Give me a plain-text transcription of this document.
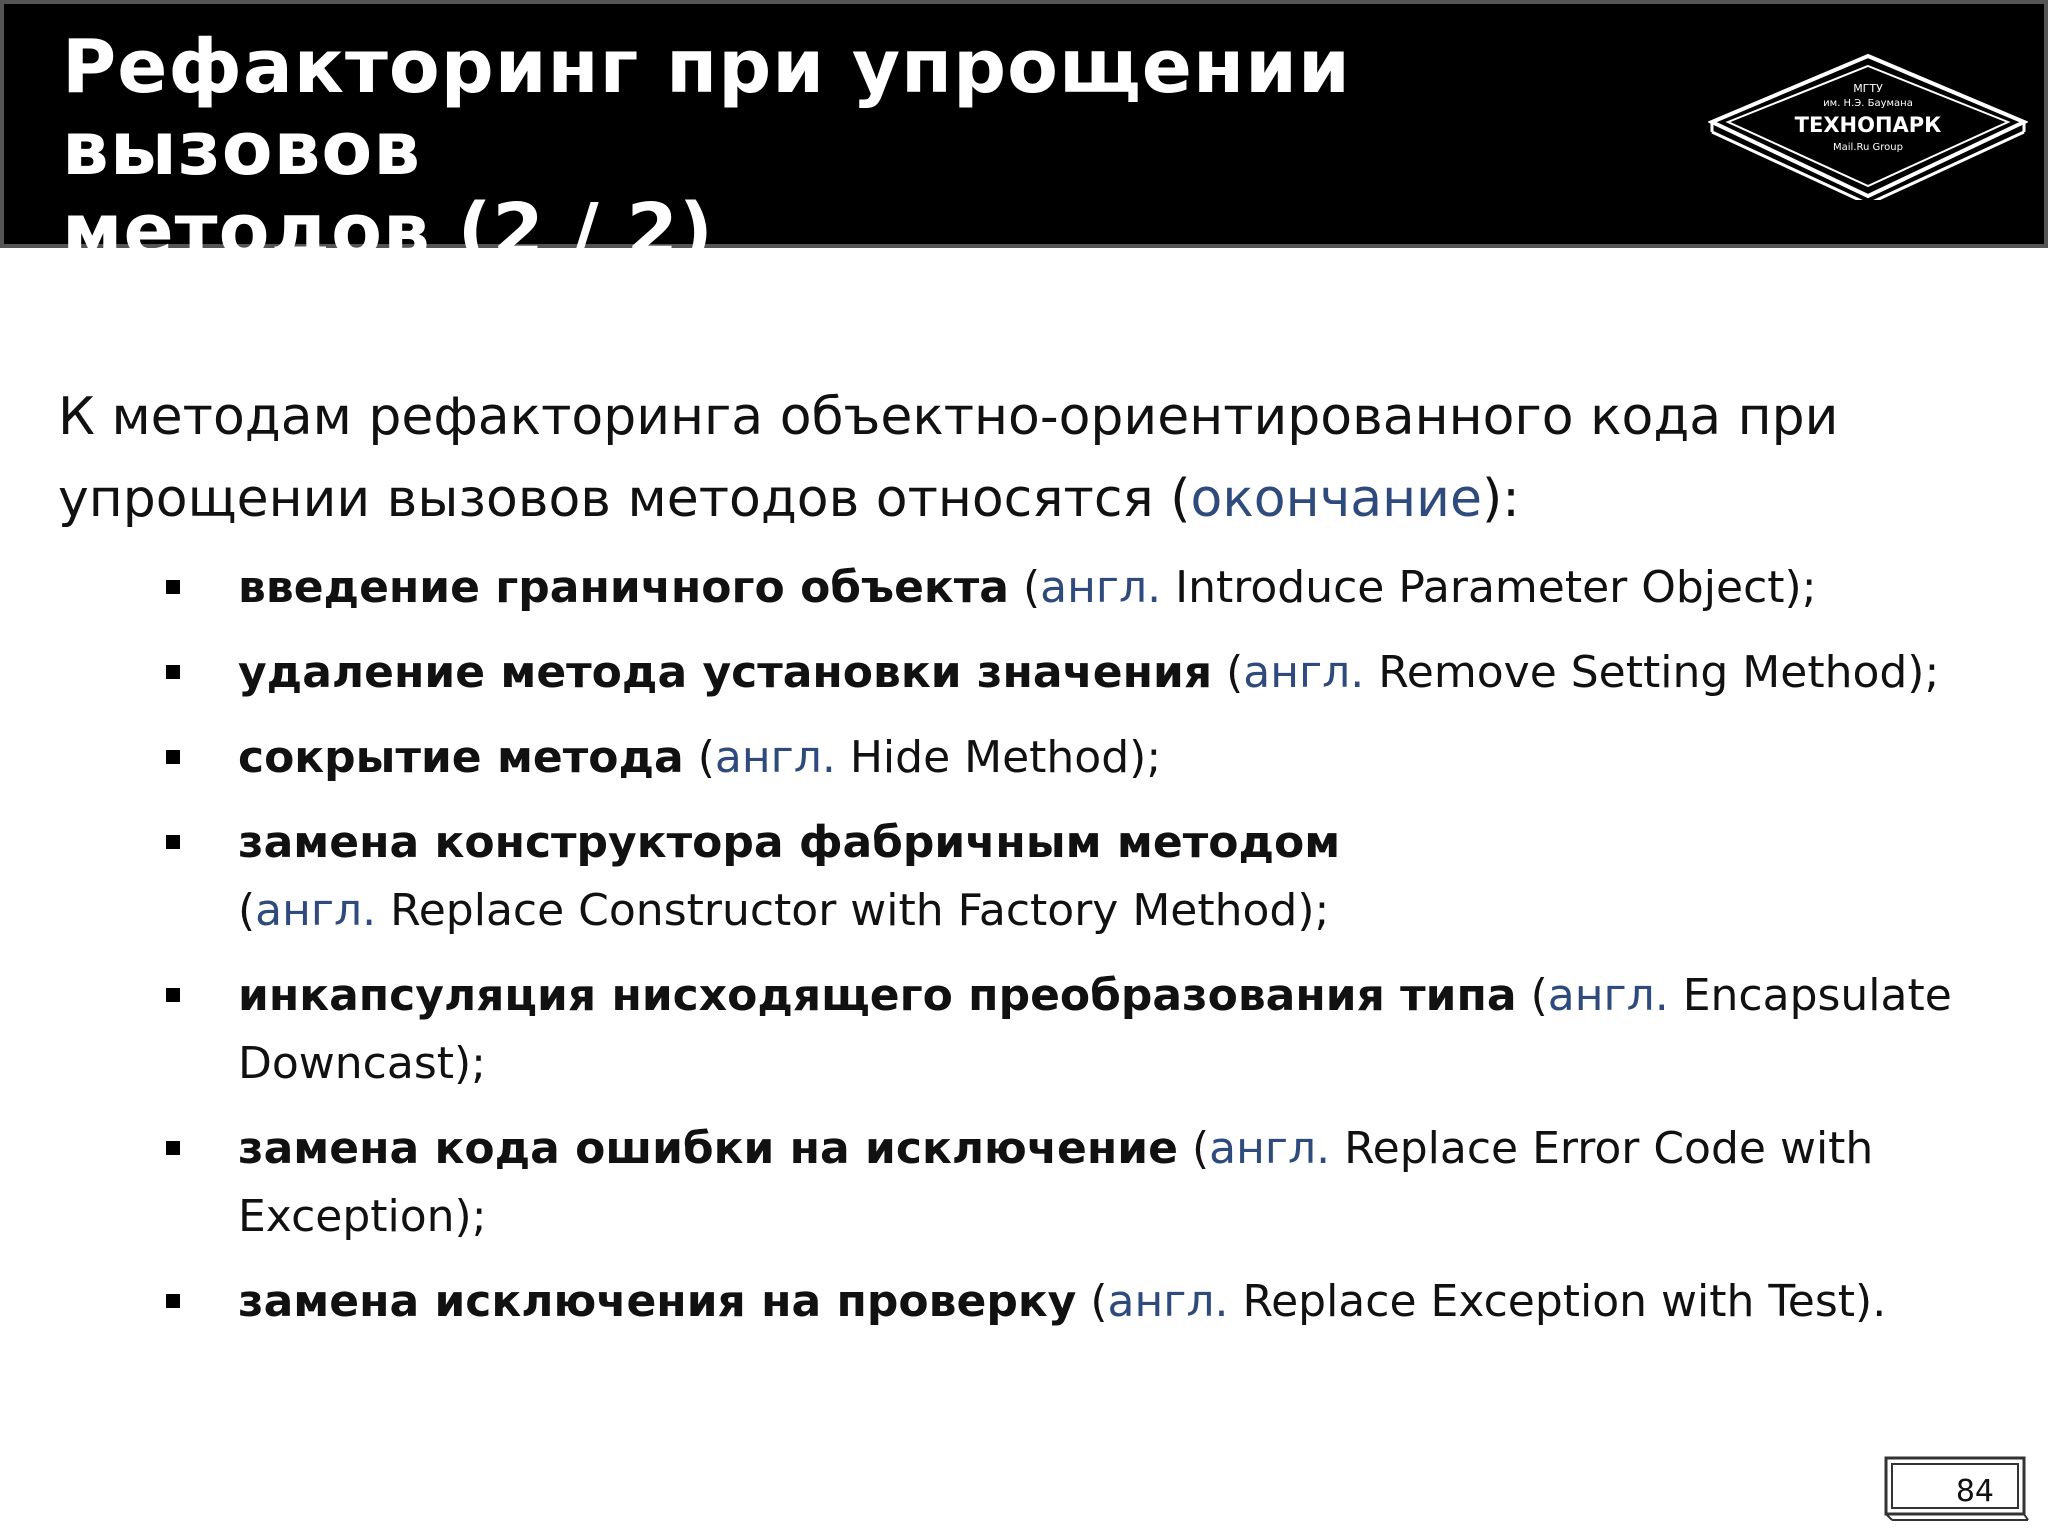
Рефакторинг при упрощении вызовов
методов (2 / 2)
МГТУ
им. Н.Э. Баумана
ТЕХНОПАРК
Mail.Ru Group

К методам рефакторинга объектно-ориентированного кода при упрощении вызовов методов относятся (окончание):

введение граничного объекта (англ. Introduce Parameter Object);
удаление метода установки значения (англ. Remove Setting Method);
сокрытие метода (англ. Hide Method);
замена конструктора фабричным методом
(англ. Replace Constructor with Factory Method);
инкапсуляция нисходящего преобразования типа (англ. Encapsulate Downcast);
замена кода ошибки на исключение (англ. Replace Error Code with Exception);
замена исключения на проверку (англ. Replace Exception with Test).
84
